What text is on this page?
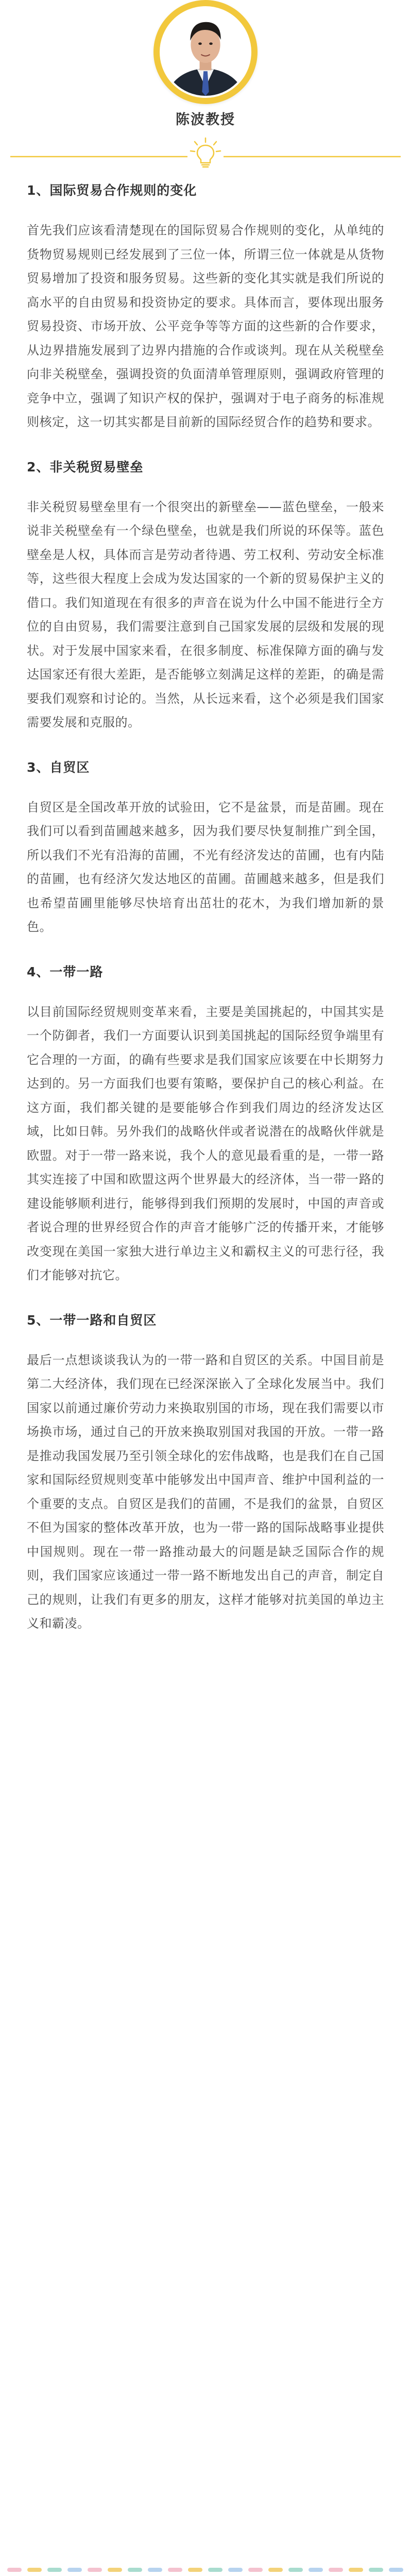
陈波教授
1、国际贸易合作规则的变化

首先我们应该看清楚现在的国际贸易合作规则的变化，从单纯的货物贸易规则已经发展到了三位一体，所谓三位一体就是从货物贸易增加了投资和服务贸易。这些新的变化其实就是我们所说的高水平的自由贸易和投资协定的要求。具体而言，要体现出服务贸易投资、市场开放、公平竞争等等方面的这些新的合作要求，从边界措施发展到了边界内措施的合作或谈判。现在从关税壁垒向非关税壁垒，强调投资的负面清单管理原则，强调政府管理的竞争中立，强调了知识产权的保护，强调对于电子商务的标准规则核定，这一切其实都是目前新的国际经贸合作的趋势和要求。

2、非关税贸易壁垒

非关税贸易壁垒里有一个很突出的新壁垒——蓝色壁垒，一般来说非关税壁垒有一个绿色壁垒，也就是我们所说的环保等。蓝色壁垒是人权，具体而言是劳动者待遇、劳工权利、劳动安全标准等，这些很大程度上会成为发达国家的一个新的贸易保护主义的借口。我们知道现在有很多的声音在说为什么中国不能进行全方位的自由贸易，我们需要注意到自己国家发展的层级和发展的现状。对于发展中国家来看，在很多制度、标准保障方面的确与发达国家还有很大差距，是否能够立刻满足这样的差距，的确是需要我们观察和讨论的。当然，从长远来看，这个必须是我们国家需要发展和克服的。

3、自贸区

自贸区是全国改革开放的试验田，它不是盆景，而是苗圃。现在我们可以看到苗圃越来越多，因为我们要尽快复制推广到全国，所以我们不光有沿海的苗圃，不光有经济发达的苗圃，也有内陆的苗圃，也有经济欠发达地区的苗圃。苗圃越来越多，但是我们也希望苗圃里能够尽快培育出茁壮的花木，为我们增加新的景色。

4、一带一路

以目前国际经贸规则变革来看，主要是美国挑起的，中国其实是一个防御者，我们一方面要认识到美国挑起的国际经贸争端里有它合理的一方面，的确有些要求是我们国家应该要在中长期努力达到的。另一方面我们也要有策略，要保护自己的核心利益。在这方面，我们都关键的是要能够合作到我们周边的经济发达区域，比如日韩。另外我们的战略伙伴或者说潜在的战略伙伴就是欧盟。对于一带一路来说，我个人的意见最看重的是，一带一路其实连接了中国和欧盟这两个世界最大的经济体，当一带一路的建设能够顺利进行，能够得到我们预期的发展时，中国的声音或者说合理的世界经贸合作的声音才能够广泛的传播开来，才能够改变现在美国一家独大进行单边主义和霸权主义的可悲行径，我们才能够对抗它。

5、一带一路和自贸区

最后一点想谈谈我认为的一带一路和自贸区的关系。中国目前是第二大经济体，我们现在已经深深嵌入了全球化发展当中。我们国家以前通过廉价劳动力来换取别国的市场，现在我们需要以市场换市场，通过自己的开放来换取别国对我国的开放。一带一路是推动我国发展乃至引领全球化的宏伟战略，也是我们在自己国家和国际经贸规则变革中能够发出中国声音、维护中国利益的一个重要的支点。自贸区是我们的苗圃，不是我们的盆景，自贸区不但为国家的整体改革开放，也为一带一路的国际战略事业提供中国规则。现在一带一路推动最大的问题是缺乏国际合作的规则，我们国家应该通过一带一路不断地发出自己的声音，制定自己的规则，让我们有更多的朋友，这样才能够对抗美国的单边主义和霸凌。
